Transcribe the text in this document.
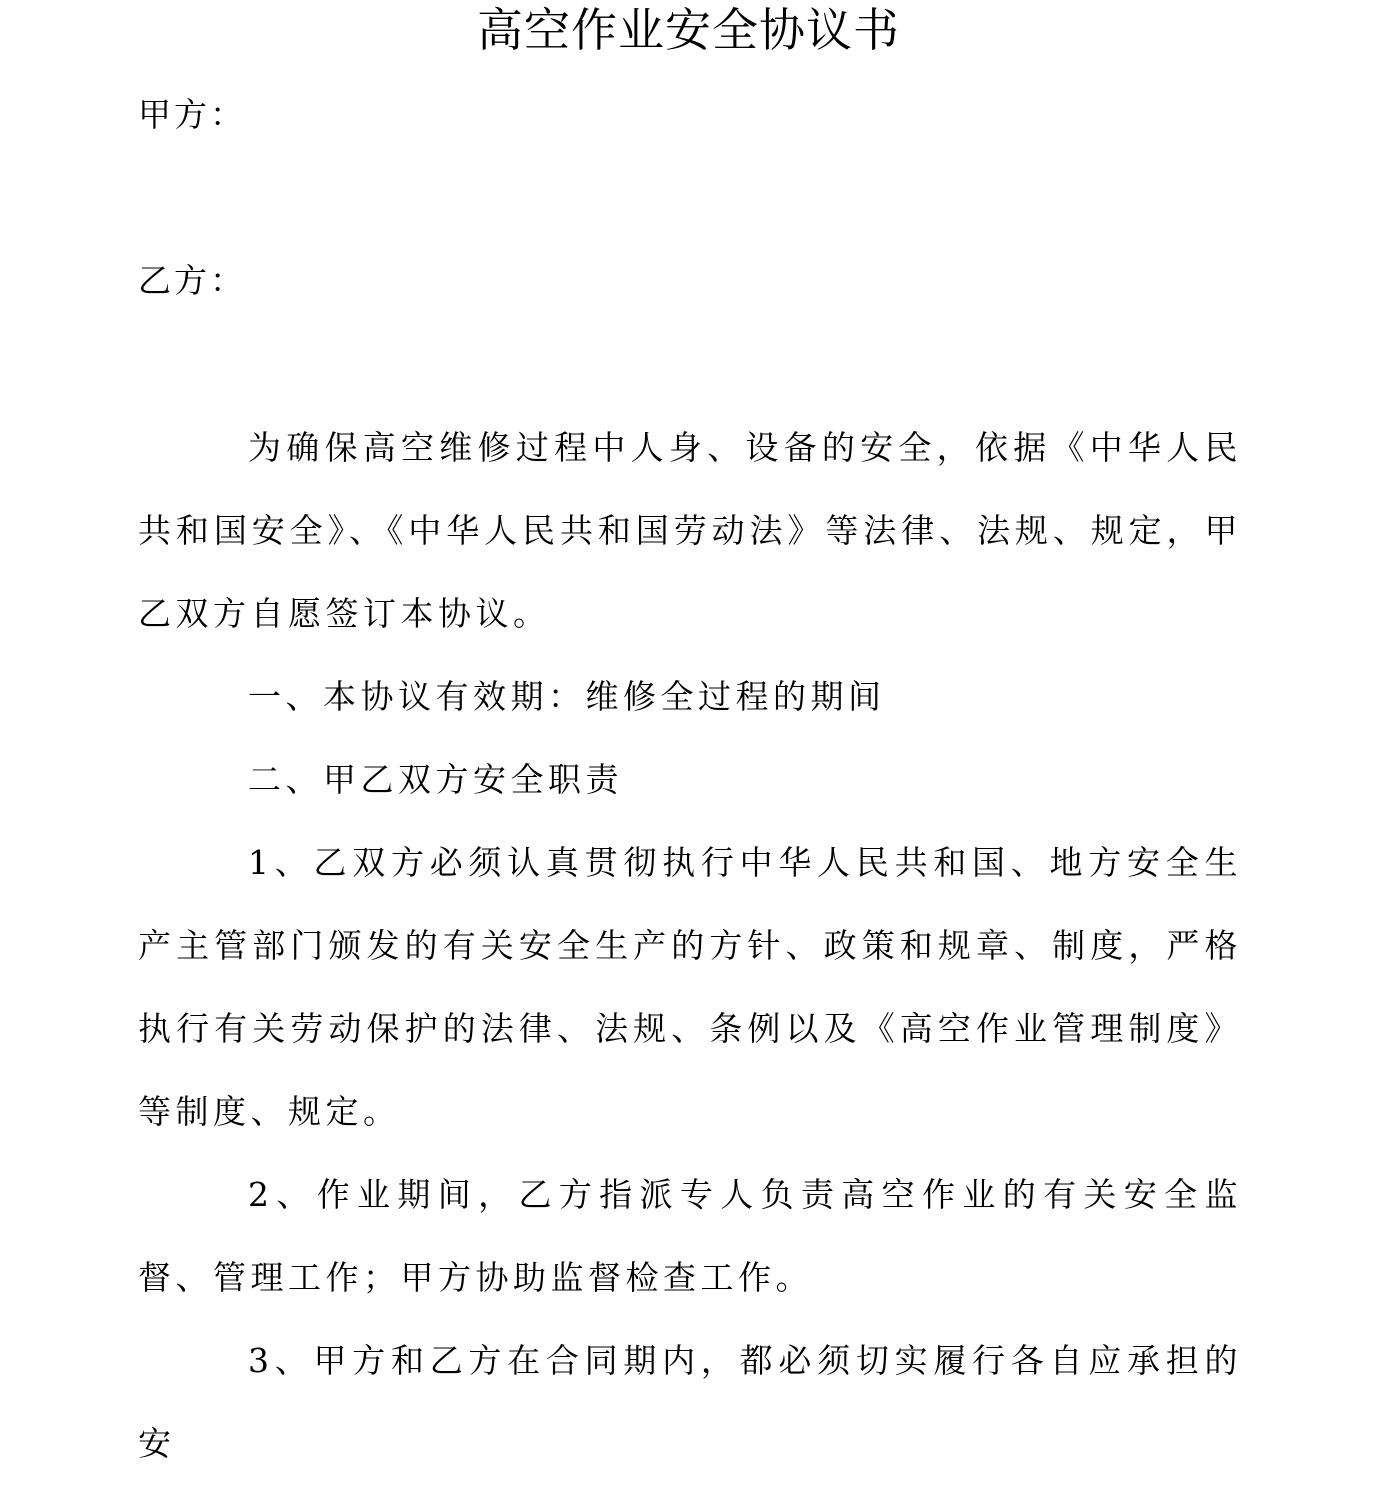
高空作业安全协议书

甲方：

乙方：

为确保高空维修过程中人身、设备的安全，依据《中华人民共和国安全》、《中华人民共和国劳动法》等法律、法规、规定，甲乙双方自愿签订本协议。

一、本协议有效期：维修全过程的期间

二、甲乙双方安全职责

1、乙双方必须认真贯彻执行中华人民共和国、地方安全生产主管部门颁发的有关安全生产的方针、政策和规章、制度，严格执行有关劳动保护的法律、法规、条例以及《高空作业管理制度》等制度、规定。

2、作业期间，乙方指派专人负责高空作业的有关安全监督、管理工作；甲方协助监督检查工作。

3、甲方和乙方在合同期内，都必须切实履行各自应承担的安
